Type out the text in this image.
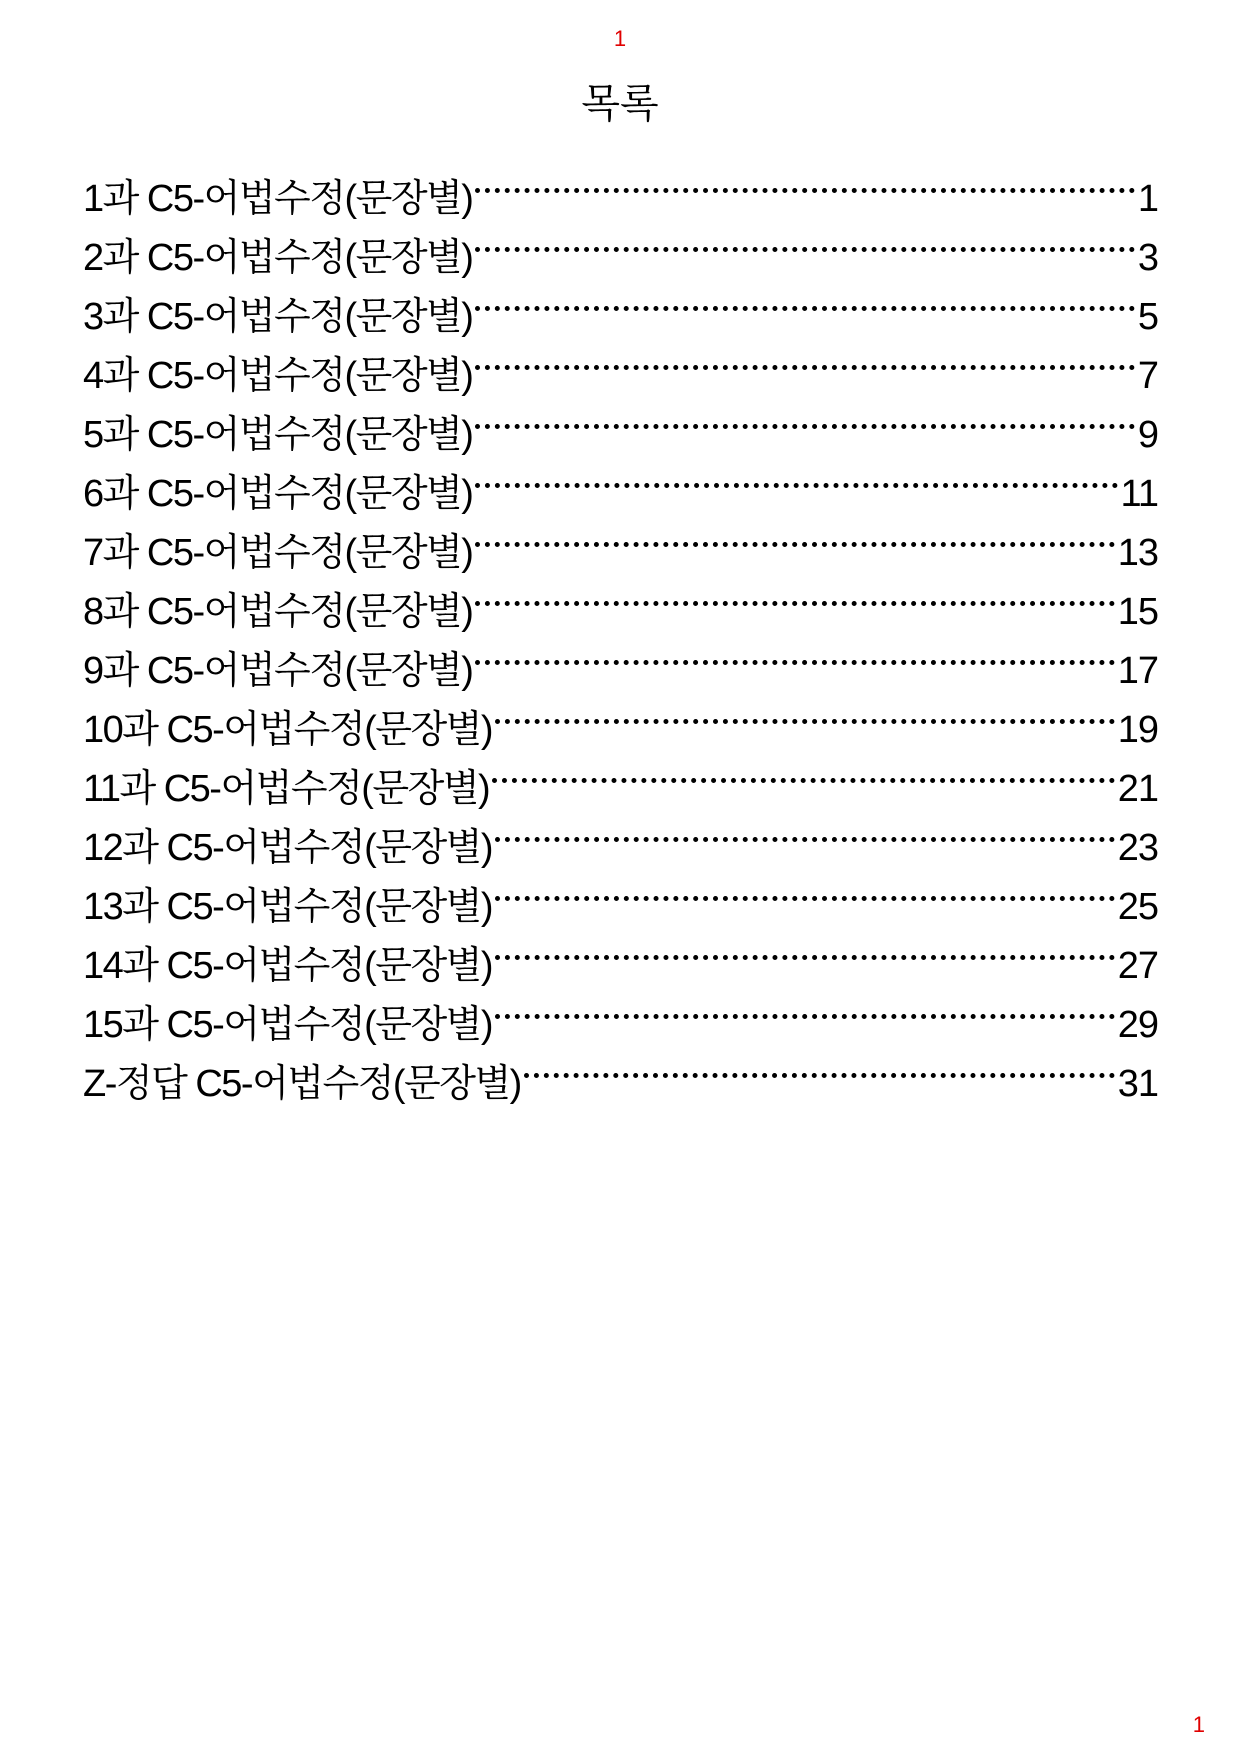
1
목록
1과 C5-어법수정(문장별)	1
2과 C5-어법수정(문장별)	3
3과 C5-어법수정(문장별)	5
4과 C5-어법수정(문장별)	7
5과 C5-어법수정(문장별)	9
6과 C5-어법수정(문장별)	11
7과 C5-어법수정(문장별)	13
8과 C5-어법수정(문장별)	15
9과 C5-어법수정(문장별)	17
10과 C5-어법수정(문장별)	19
11과 C5-어법수정(문장별)	21
12과 C5-어법수정(문장별)	23
13과 C5-어법수정(문장별)	25
14과 C5-어법수정(문장별)	27
15과 C5-어법수정(문장별)	29
Z-정답 C5-어법수정(문장별)	31
1
